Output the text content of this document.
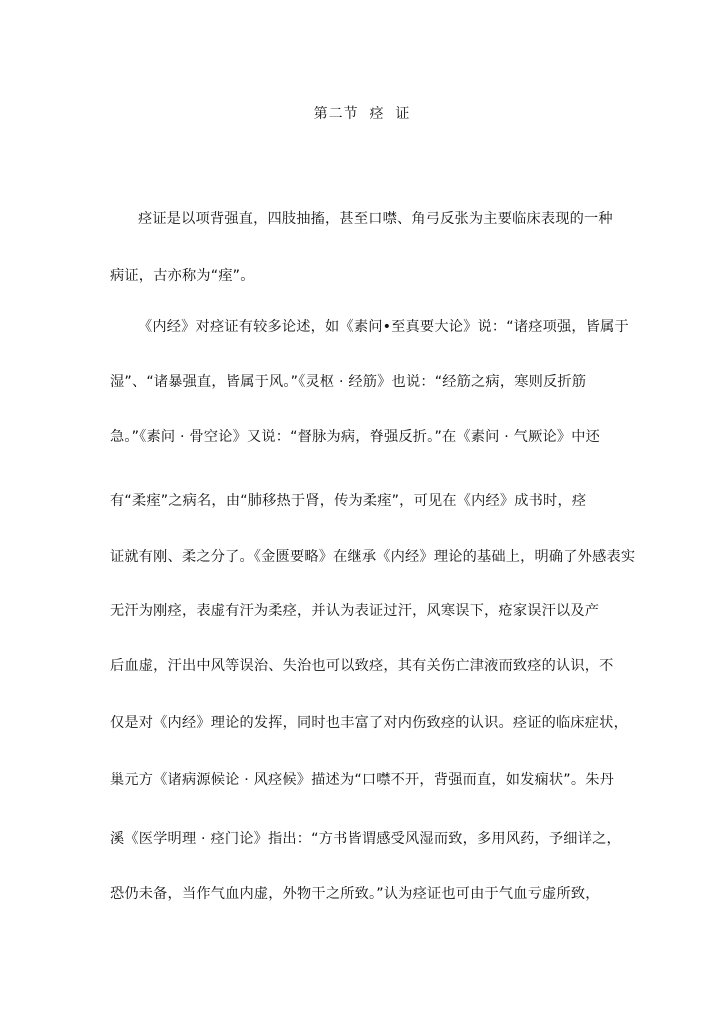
第二节  痉  证
痉证是以项背强直，四肢抽搐，甚至口噤、角弓反张为主要临床表现的一种
病证，古亦称为“痓”。
《内经》对痉证有较多论述，如《素问•至真要大论》说：“诸痉项强，皆属于
湿”、“诸暴强直，皆属于风。”《灵枢 · 经筋》也说：“经筋之病，寒则反折筋
急。”《素问 · 骨空论》又说：“督脉为病，脊强反折。”在《素问 · 气厥论》中还
有“柔痓”之病名，由“肺移热于肾，传为柔痓”，可见在《内经》成书时，痉
证就有刚、柔之分了。《金匮要略》在继承《内经》理论的基础上，明确了外感表实
无汗为刚痉，表虚有汗为柔痉，并认为表证过汗，风寒误下，疮家误汗以及产
后血虚，汗出中风等误治、失治也可以致痉，其有关伤亡津液而致痉的认识，不
仅是对《内经》理论的发挥，同时也丰富了对内伤致痉的认识。痉证的临床症状，
巢元方《诸病源候论 · 风痉候》描述为“口噤不开，背强而直，如发痫状”。朱丹
溪《医学明理 · 痉门论》指出：“方书皆谓感受风湿而致，多用风药，予细详之，
恐仍未备，当作气血内虚，外物干之所致。”认为痉证也可由于气血亏虚所致，
